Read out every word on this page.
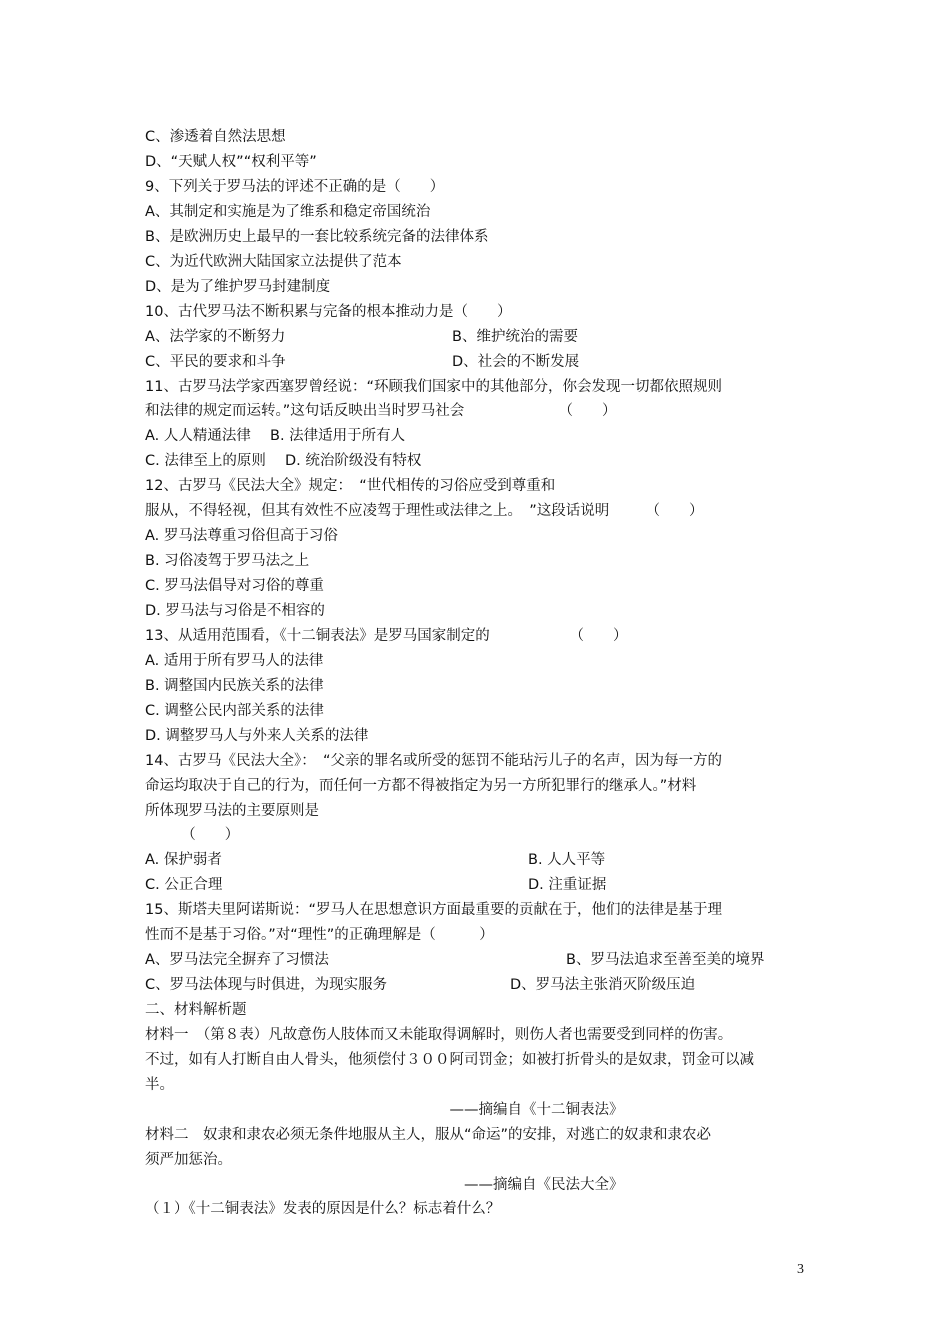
C、渗透着自然法思想
D、“天赋人权”“权利平等”
9、下列关于罗马法的评述不正确的是（　　）
A、其制定和实施是为了维系和稳定帝国统治
B、是欧洲历史上最早的一套比较系统完备的法律体系
C、为近代欧洲大陆国家立法提供了范本
D、是为了维护罗马封建制度
10、古代罗马法不断积累与完备的根本推动力是（　　）
A、法学家的不断努力	B、维护统治的需要
C、平民的要求和斗争	D、社会的不断发展
11、古罗马法学家西塞罗曾经说：“环顾我们国家中的其他部分，你会发现一切都依照规则
和法律的规定而运转。”这句话反映出当时罗马社会　　　　　　　（　　）
A. 人人精通法律　 B. 法律适用于所有人
C. 法律至上的原则　 D. 统治阶级没有特权
12、古罗马《民法大全》规定：　“世代相传的习俗应受到尊重和
服从，不得轻视，但其有效性不应凌驾于理性或法律之上。　”这段话说明　　　（　　）
A. 罗马法尊重习俗但高于习俗
B. 习俗凌驾于罗马法之上
C. 罗马法倡导对习俗的尊重
D. 罗马法与习俗是不相容的
13、从适用范围看，《十二铜表法》是罗马国家制定的　　　　　　（　　）
A. 适用于所有罗马人的法律
B. 调整国内民族关系的法律
C. 调整公民内部关系的法律
D. 调整罗马人与外来人关系的法律
14、古罗马《民法大全》：　“父亲的罪名或所受的惩罚不能玷污儿子的名声，因为每一方的
命运均取决于自己的行为，而任何一方都不得被指定为另一方所犯罪行的继承人。”材料
所体现罗马法的主要原则是
　　　（　　）
A. 保护弱者	B. 人人平等
C. 公正合理	D. 注重证据
15、斯塔夫里阿诺斯说：“罗马人在思想意识方面最重要的贡献在于，他们的法律是基于理
性而不是基于习俗。”对“理性”的正确理解是（　　　）
A、罗马法完全摒弃了习惯法	B、罗马法追求至善至美的境界
C、罗马法体现与时俱进，为现实服务	D、罗马法主张消灭阶级压迫
二、材料解析题
材料一　（第８表）凡故意伤人肢体而又未能取得调解时，则伤人者也需要受到同样的伤害。
不过，如有人打断自由人骨头，他须偿付３００阿司罚金；如被打折骨头的是奴隶，罚金可以减
半。
　　　　　　　　　　　　　　　　　　　　　——摘编自《十二铜表法》
材料二　奴隶和隶农必须无条件地服从主人，服从“命运”的安排，对逃亡的奴隶和隶农必
须严加惩治。
　　　　　　　　　　　　　　　　　　　　　　——摘编自《民法大全》
（１）《十二铜表法》发表的原因是什么？标志着什么？
3
